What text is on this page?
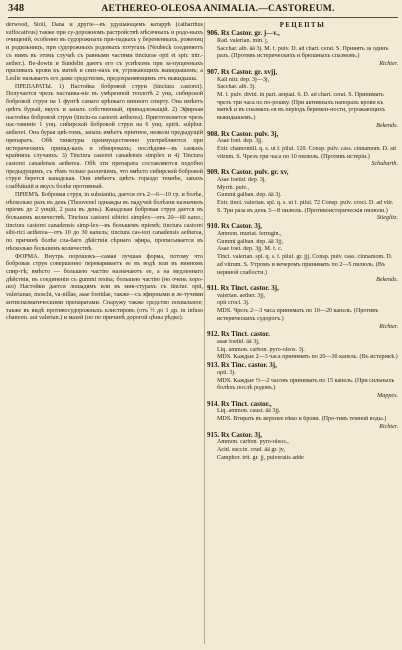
348	AETHEREO-OLEOSA ANIMALIA.—CASTOREUM.

derwood, Stoll, Dana и другіе—въ удушающемъ катаррѣ (catharrhus suffocativus) также при су-дорожномъ растройствѣ мѣсячныхъ и родо-выхъ очищеній, особенно въ судорожныхъ при-падкахъ у беременныхъ, рожениц и родильницъ, при судорожныхъ родовыхъ потугахъ (Neubeck соединяетъ съ нимъ въ этомъ случаѣ съ равными частями tincturae opii et spir. nitr.-aether.). Ве-dowin и Sundelin даютъ его съ усиѣхомъ при за-пущенныхъ приливахъ крови къ маткѣ и свиз-нахъ ея, угрожающихъ выкидышемъ; а Leslie называетъ его даже средствомъ, предохраняющимъ отъ выкидыша.

ПРЕПАРАТЫ. 1) Настойка бобровой струи (tinctura castorei). Получается чрезъ настаива-ніе въ умѣренной теплотѣ 2 унц. сибирской бобровой струи на 1 фунтѣ самаго крѣпкаго винного спирту. Она имѣетъ цвѣтъ бурый, вкусъ и запахъ собственный, принадлежащій. 2) Эфирная настойка бобровой струи (tinctu-ra castorei aetherea). Приготовляется чрезъ нас-тавнніе 1 унц. сибирской бобровой струи на 6 унц. spirit. sulphur. aetherei. Она бурая цвѣ-томъ, запахъ имѣетъ пріятное, нежели предыдущій препаратъ. Обѣ тинктуры преимущественно употребляются при истерическихъ припад-кахъ и обморокахъ; послѣдняя—въ самыхъ крайнихъ случаяхъ. 3) Tinctura castorei canadensis simplex и 4) Tinctura castorei canadensis aetherea. Обѣ эти препарата составляются подобно предыдущимъ, съ тѣмъ только различіемъ, что вмѣсто сибирской бобровой струи берется канадская. Они имѣютъ цвѣтъ гораздо темнѣе, запахъ слабѣйшій и вкусъ болѣе противный.

ПРІЕМЪ. Бобровая струя, in substantia, дается отъ 2—6—10 гр. и болѣе, нѣсколько разъ въ день (Thouvenel однажды въ падучей болѣзни назначилъ пріемъ до 2 унцій, 2 раза въ день). Канадская бобровая струя дается въ большемъ количествѣ. Tinctura castorei sibirici simplex—отъ 20—60 капл.; tinctura castorei canadensis simp-lex—въ большемъ пріемѣ; tinctura castorei sibi-rici aetherea—отъ 10 до 30 капель; tinctura cas-tori canadensis aetherea, по причинѣ болѣе сла-баго дѣйствія сѣрнаго эфира, прописывается въ нѣсколько большемъ количествѣ.

ФОРМА. Внутрь порошокъ—самая лучшая форма, потому что бобровая струя совершенно перевариваетъ ее въ водѣ или въ винномъ спир-тѣ; вмѣсто — большею частію назначаютъ ее, а на медленнаго дѣйствія, въ соединеніи съ gummi resina; большею частію (но очень хоро-шо) Настойки дается лошадямъ или въ мик-стурахъ съ tinctur. opii, valerianae, moschi, va-nillae, asae foetidae, также—съ эфирными и ле-тучими антиспазматическими препаратами. Снаружу также средство похвальное; также въ видѣ противосудорожныхъ клистировъ (отъ ½ до 1 др. in infuso chamom. aut valerian.) и мазей (но по причинѣ дорогой цѣны рѣдко).

РЕЦЕПТЫ
906. Rx Castor. gr. j—v.,
Rad. valerian. min. j,
Sacchar. alb. ää 3j. M. f. pulv. D. ad chart. cerat. S. Принять за одинъ разъ. (Противъ истерическихъ и брюшныхъ спазмовъ.)
Richter.
907. Rx Castor. gr. xvjj,
Kali nitr. dep. 3j—3j,
Sacchar. alb. 3j.
M. f. pulv. divid. in part. aequal. 6. D. ad chart. cerat. S. Принимать чрезъ три часа по по-рошку. (При активныхъ напорахъ крови къ маткѣ и въ спазмахъ ея въ періодъ беремен-ности, угрожающихъ выкидышемъ.)
Bekends.
908. Rx Castor. pulv. 3j,
Asae foet. dep. 3jj.
Extr. chamomill. q. s. ut f. pilul. 120. Consp. pulv. cass. cinnamom. D. ad vitrum. S. Чрезъ три часа по 10 пилюль. (Противъ истеріи.)
Schubarth.
909. Rx Castor. pulv. gr. xv,
Asae foetid. dep. 3j,
Myrrh. pulv.,
Gummi galban. dep. ää 3j.
Extr. tinct. valerian. spl. q. s. ut f. pilul. 72 Consp. pulv. croci. D. ad vitr. S. Три раза въ день 3—8 пилюль. (Противоистерическія пилюли.)
Stieglitz.
910. Rx Castor. 3j,
Ammon. muriat. ferrugin.,
Gummi galban. dep. ää 3jj,
Asae foet. dep. 3jj. M. f. c.
Tinct. valerian. spl. q. s. f. pilul. gr. jjj. Consp. pulv. cass. cinnamom. D. ad vitrum. S. Утромъ и вечеромъ принимать по 2—5 пилюль. (Въ нервной слабости.)
Bekends.
911. Rx Tinct. castor. 3j,
valerian. aether. 3jj,
opii croci. 3j.
MDS. Чрезъ 2—3 часа принимать по 10—20 капель. (Противъ истерическихъ судорогъ.)
Richter.
912. Rx Tinct. castor.
asae foetid. ää 3j,
Liq. ammon. carbon. pyro-oleos. 3j.
MDS. Каждые 2—3 часа принимать по 20—30 капель. (Въ истерикѣ.)
913. Rx Tinc. castor. 3j,
opii. 3j.
MDS. Каждые ½—2 часовъ принимать по 15 капель. (При сильныхъ болѣхъ послѣ родовъ.)
Mappes.
914. Rx Tinct. castor.,
Liq. ammon. caust. ää 3jj.
MDS. Втирать въ верхнее вѣко и брови. (Про-тивъ темной воды.)
Richter.
915. Rx Castor. 3j,
Ammon. carbon. pyro-oleos.,
Acid. succin. crud. ää gr. jv,
Camphor. trit. gr. jj, pulveratis adde
